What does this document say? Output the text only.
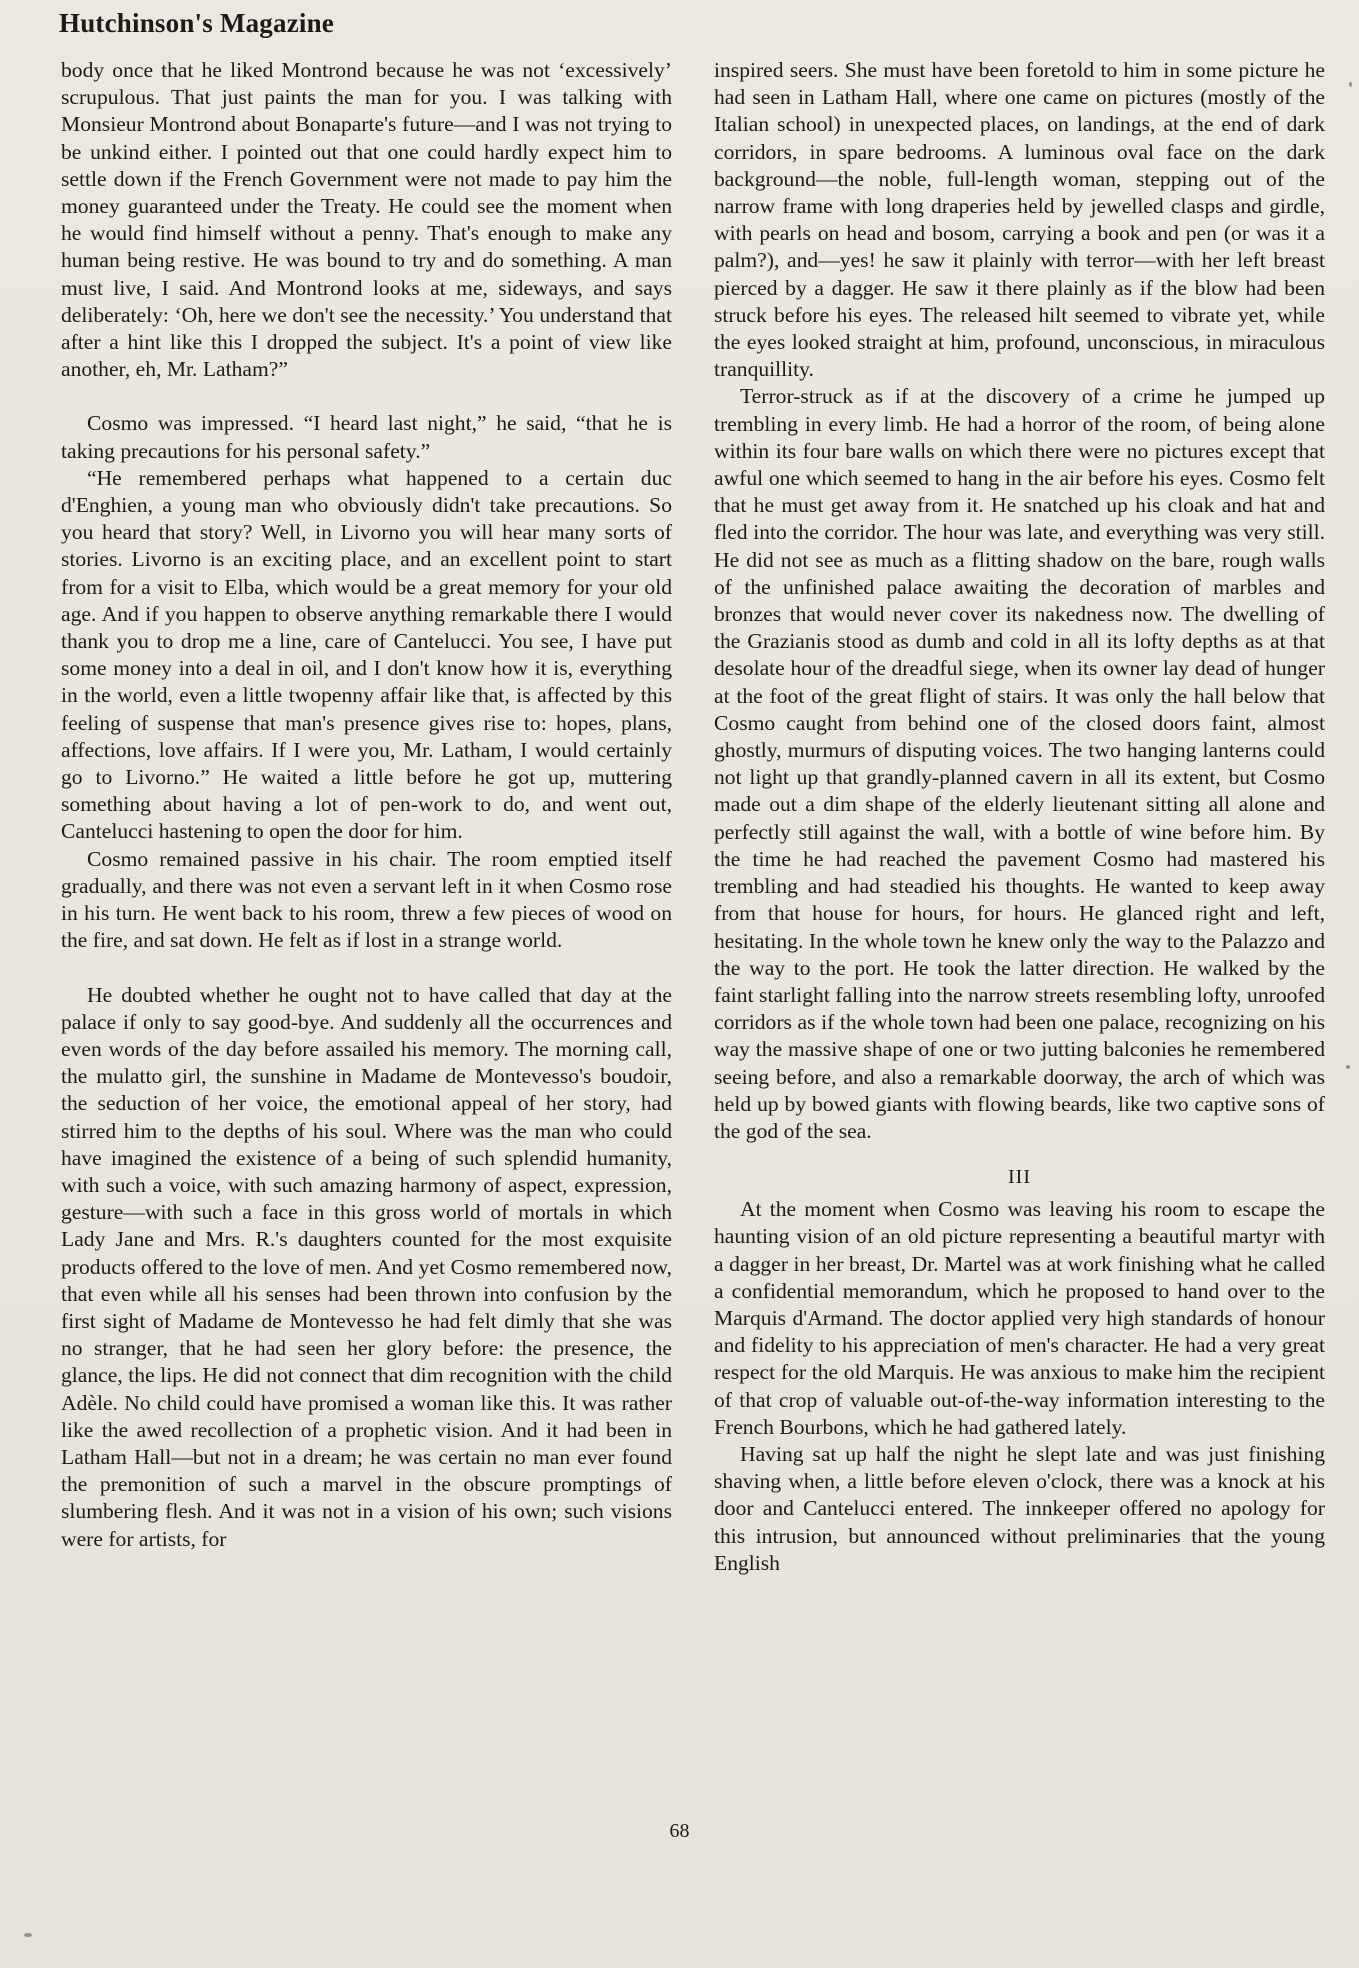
Hutchinson's Magazine

body once that he liked Montrond because he was not ‘excessively’ scrupulous. That just paints the man for you. I was talking with Monsieur Montrond about Bonaparte's future—and I was not trying to be unkind either. I pointed out that one could hardly expect him to settle down if the French Government were not made to pay him the money guaranteed under the Treaty. He could see the moment when he would find himself without a penny. That's enough to make any human being restive. He was bound to try and do something. A man must live, I said. And Montrond looks at me, sideways, and says deliberately: ‘Oh, here we don't see the necessity.’ You understand that after a hint like this I dropped the subject. It's a point of view like another, eh, Mr. Latham?”

Cosmo was impressed. “I heard last night,” he said, “that he is taking precautions for his personal safety.”

“He remembered perhaps what happened to a certain duc d'Enghien, a young man who obviously didn't take precautions. So you heard that story? Well, in Livorno you will hear many sorts of stories. Livorno is an exciting place, and an excellent point to start from for a visit to Elba, which would be a great memory for your old age. And if you happen to observe anything remarkable there I would thank you to drop me a line, care of Cantelucci. You see, I have put some money into a deal in oil, and I don't know how it is, everything in the world, even a little twopenny affair like that, is affected by this feeling of suspense that man's presence gives rise to: hopes, plans, affections, love affairs. If I were you, Mr. Latham, I would certainly go to Livorno.” He waited a little before he got up, muttering something about having a lot of pen-work to do, and went out, Cantelucci hastening to open the door for him.

Cosmo remained passive in his chair. The room emptied itself gradually, and there was not even a servant left in it when Cosmo rose in his turn. He went back to his room, threw a few pieces of wood on the fire, and sat down. He felt as if lost in a strange world.

He doubted whether he ought not to have called that day at the palace if only to say good-bye. And suddenly all the occurrences and even words of the day before assailed his memory. The morning call, the mulatto girl, the sunshine in Madame de Montevesso's boudoir, the seduction of her voice, the emotional appeal of her story, had stirred him to the depths of his soul. Where was the man who could have imagined the existence of a being of such splendid humanity, with such a voice, with such amazing harmony of aspect, expression, gesture—with such a face in this gross world of mortals in which Lady Jane and Mrs. R.'s daughters counted for the most exquisite products offered to the love of men. And yet Cosmo remembered now, that even while all his senses had been thrown into confusion by the first sight of Madame de Montevesso he had felt dimly that she was no stranger, that he had seen her glory before: the presence, the glance, the lips. He did not connect that dim recognition with the child Adèle. No child could have promised a woman like this. It was rather like the awed recollection of a prophetic vision. And it had been in Latham Hall—but not in a dream; he was certain no man ever found the premonition of such a marvel in the obscure promptings of slumbering flesh. And it was not in a vision of his own; such visions were for artists, for

inspired seers. She must have been foretold to him in some picture he had seen in Latham Hall, where one came on pictures (mostly of the Italian school) in unexpected places, on landings, at the end of dark corridors, in spare bedrooms. A luminous oval face on the dark background—the noble, full-length woman, stepping out of the narrow frame with long draperies held by jewelled clasps and girdle, with pearls on head and bosom, carrying a book and pen (or was it a palm?), and—yes! he saw it plainly with terror—with her left breast pierced by a dagger. He saw it there plainly as if the blow had been struck before his eyes. The released hilt seemed to vibrate yet, while the eyes looked straight at him, profound, unconscious, in miraculous tranquillity.

Terror-struck as if at the discovery of a crime he jumped up trembling in every limb. He had a horror of the room, of being alone within its four bare walls on which there were no pictures except that awful one which seemed to hang in the air before his eyes. Cosmo felt that he must get away from it. He snatched up his cloak and hat and fled into the corridor. The hour was late, and everything was very still. He did not see as much as a flitting shadow on the bare, rough walls of the unfinished palace awaiting the decoration of marbles and bronzes that would never cover its nakedness now. The dwelling of the Grazianis stood as dumb and cold in all its lofty depths as at that desolate hour of the dreadful siege, when its owner lay dead of hunger at the foot of the great flight of stairs. It was only the hall below that Cosmo caught from behind one of the closed doors faint, almost ghostly, murmurs of disputing voices. The two hanging lanterns could not light up that grandly-planned cavern in all its extent, but Cosmo made out a dim shape of the elderly lieutenant sitting all alone and perfectly still against the wall, with a bottle of wine before him. By the time he had reached the pavement Cosmo had mastered his trembling and had steadied his thoughts. He wanted to keep away from that house for hours, for hours. He glanced right and left, hesitating. In the whole town he knew only the way to the Palazzo and the way to the port. He took the latter direction. He walked by the faint starlight falling into the narrow streets resembling lofty, unroofed corridors as if the whole town had been one palace, recognizing on his way the massive shape of one or two jutting balconies he remembered seeing before, and also a remarkable doorway, the arch of which was held up by bowed giants with flowing beards, like two captive sons of the god of the sea.

III

At the moment when Cosmo was leaving his room to escape the haunting vision of an old picture representing a beautiful martyr with a dagger in her breast, Dr. Martel was at work finishing what he called a confidential memorandum, which he proposed to hand over to the Marquis d'Armand. The doctor applied very high standards of honour and fidelity to his appreciation of men's character. He had a very great respect for the old Marquis. He was anxious to make him the recipient of that crop of valuable out-of-the-way information interesting to the French Bourbons, which he had gathered lately.

Having sat up half the night he slept late and was just finishing shaving when, a little before eleven o'clock, there was a knock at his door and Cantelucci entered. The innkeeper offered no apology for this intrusion, but announced without preliminaries that the young English

68
